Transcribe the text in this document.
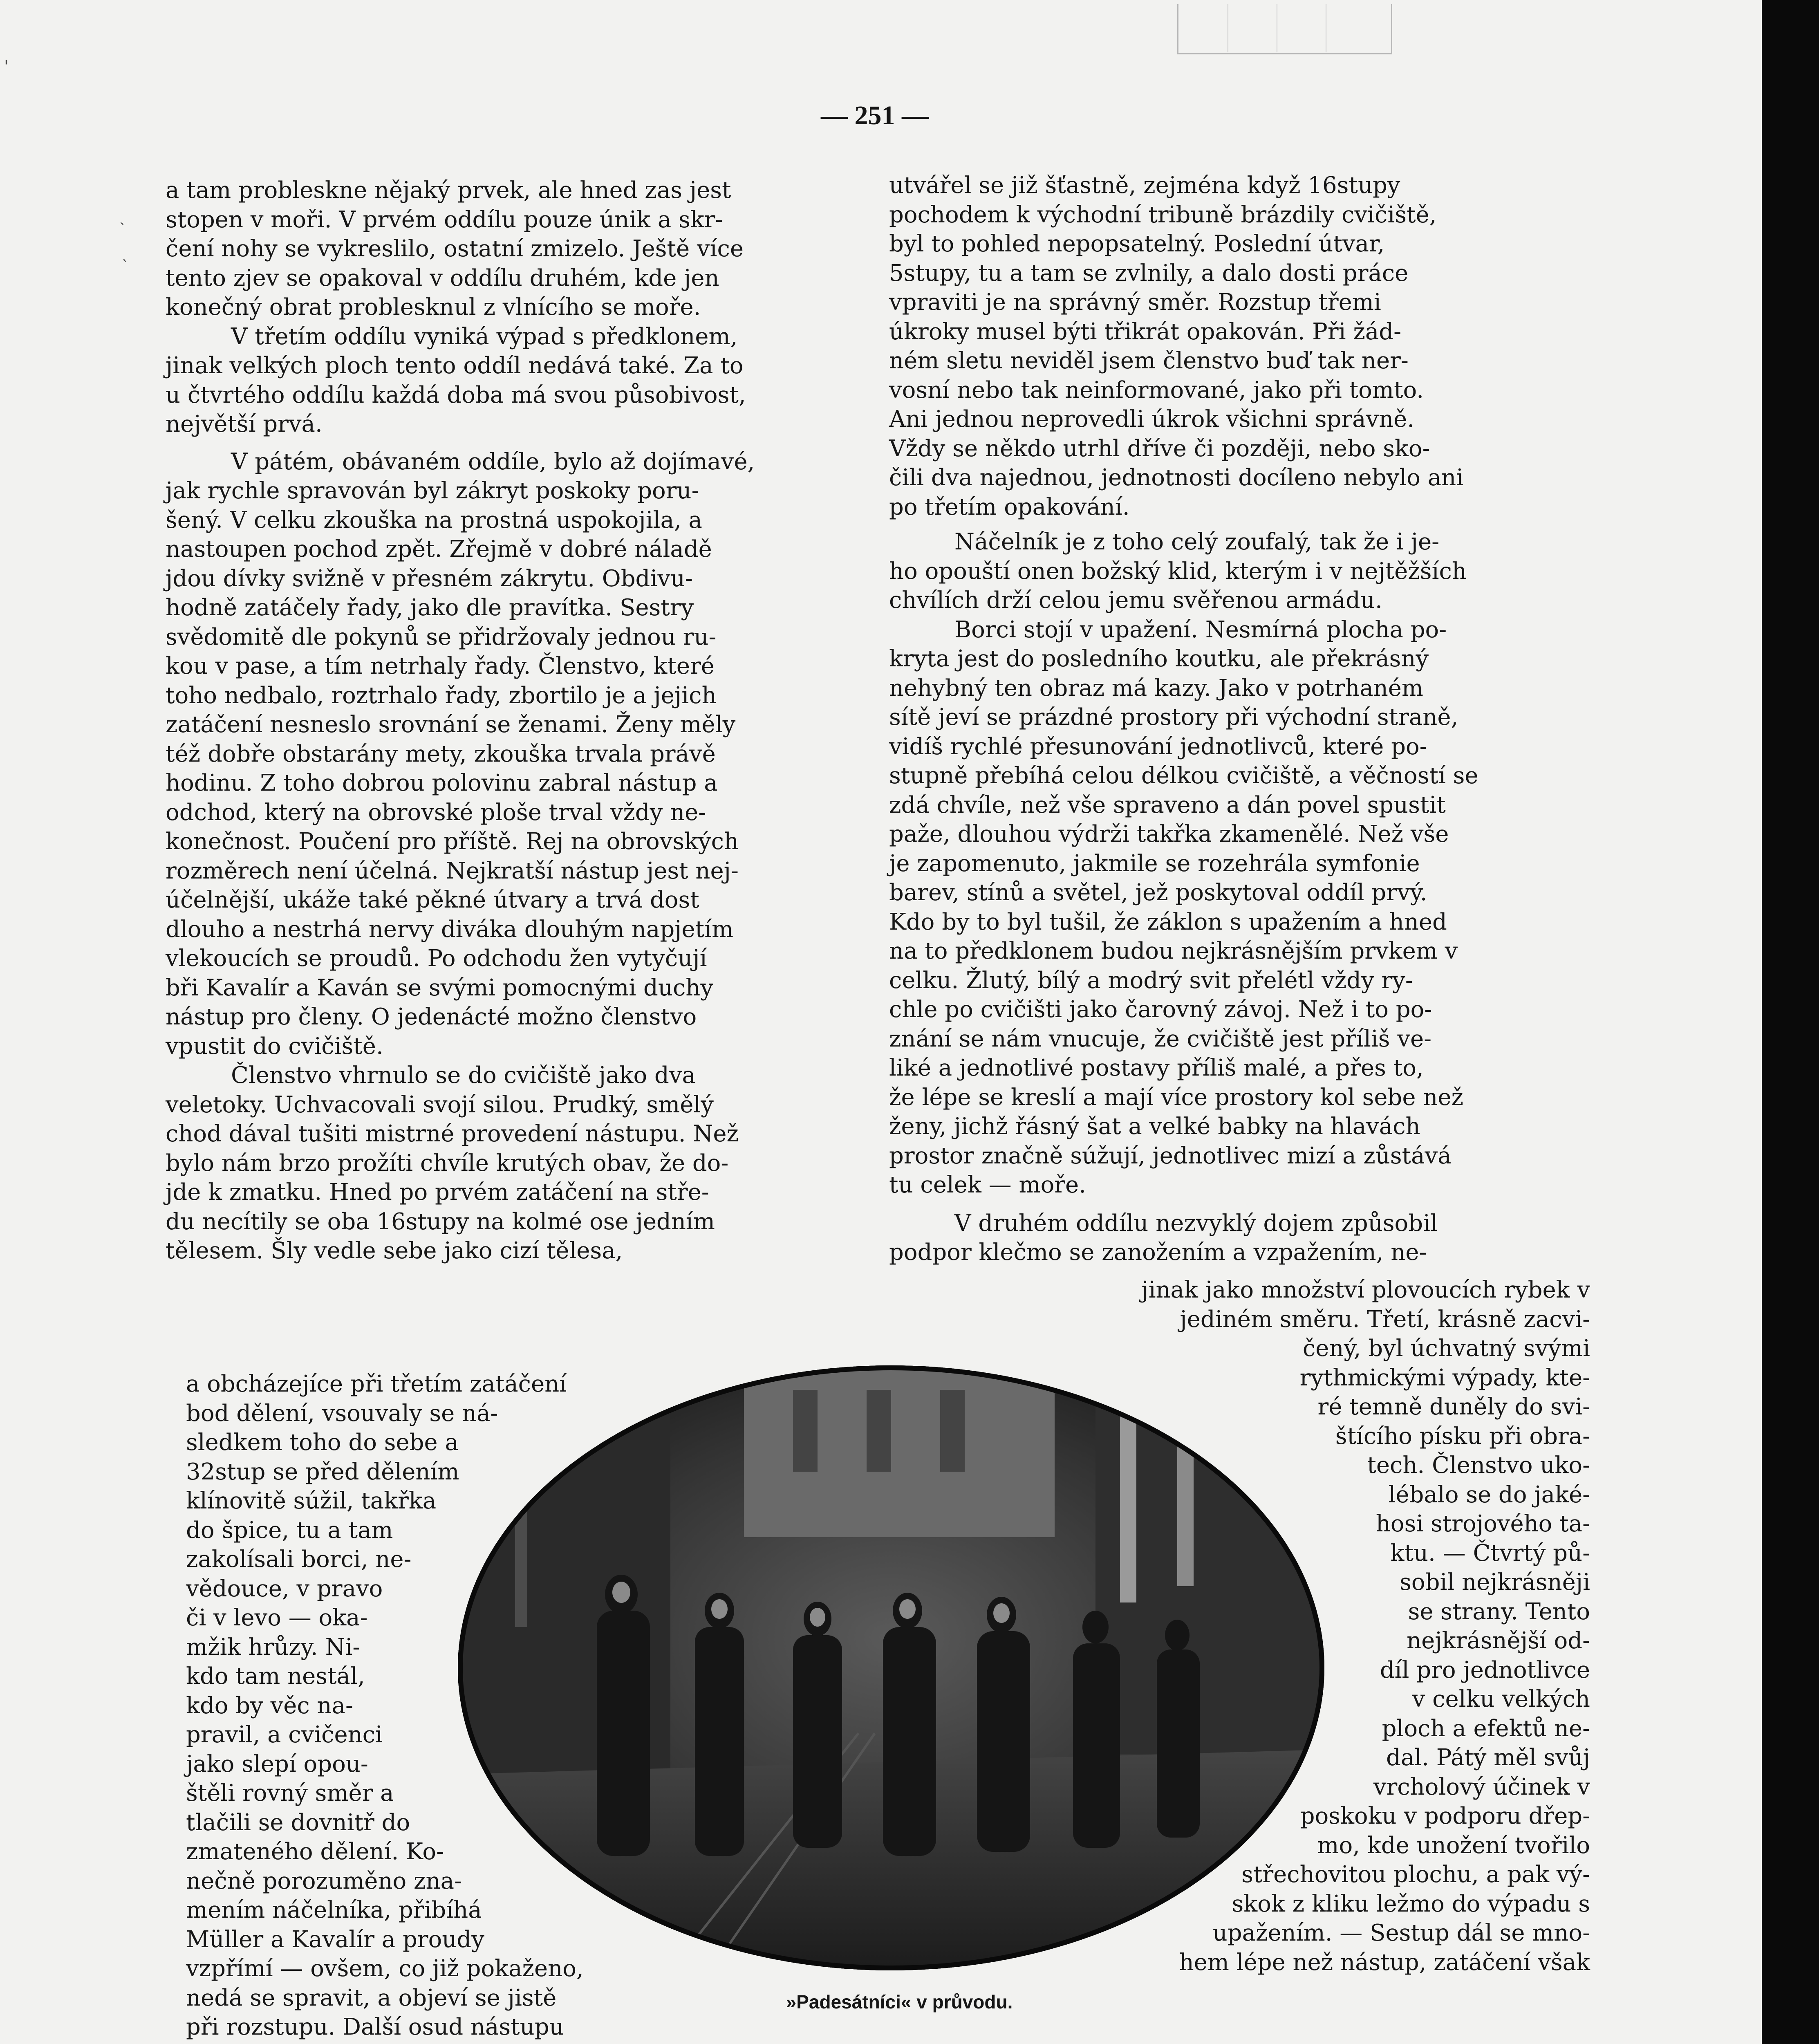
'
˴
˴
— 251 —

a tam probleskne nějaký prvek, ale hned zas jest

stopen v moři. V prvém oddílu pouze únik a skr-

čení nohy se vykreslilo, ostatní zmizelo. Ještě více

tento zjev se opakoval v oddílu druhém, kde jen

konečný obrat problesknul z vlnícího se moře.

V třetím oddílu vyniká výpad s předklonem,

jinak velkých ploch tento oddíl nedává také. Za to

u čtvrtého oddílu každá doba má svou působivost,

největší prvá.

V pátém, obávaném oddíle, bylo až dojímavé,

jak rychle spravován byl zákryt poskoky poru-

šený. V celku zkouška na prostná uspokojila, a

nastoupen pochod zpět. Zřejmě v dobré náladě

jdou dívky svižně v přesném zákrytu. Obdivu-

hodně zatáčely řady, jako dle pravítka. Sestry

svědomitě dle pokynů se přidržovaly jednou ru-

kou v pase, a tím netrhaly řady. Členstvo, které

toho nedbalo, roztrhalo řady, zbortilo je a jejich

zatáčení nesneslo srovnání se ženami. Ženy měly

též dobře obstarány mety, zkouška trvala právě

hodinu. Z toho dobrou polovinu zabral nástup a

odchod, který na obrovské ploše trval vždy ne-

konečnost. Poučení pro příště. Rej na obrovských

rozměrech není účelná. Nejkratší nástup jest nej-

účelnější, ukáže také pěkné útvary a trvá dost

dlouho a nestrhá nervy diváka dlouhým napjetím

vlekoucích se proudů. Po odchodu žen vytyčují

bři Kavalír a Kaván se svými pomocnými duchy

nástup pro členy. O jedenácté možno členstvo

vpustit do cvičiště.

Členstvo vhrnulo se do cvičiště jako dva

veletoky. Uchvacovali svojí silou. Prudký, smělý

chod dával tušiti mistrné provedení nástupu. Než

bylo nám brzo prožíti chvíle krutých obav, že do-

jde k zmatku. Hned po prvém zatáčení na stře-

du necítily se oba 16stupy na kolmé ose jedním

tělesem. Šly vedle sebe jako cizí tělesa,

a obcházejíce při třetím zatáčení

bod dělení, vsouvaly se ná-

sledkem toho do sebe a

32stup se před dělením

klínovitě súžil, takřka

do špice, tu a tam

zakolísali borci, ne-

vědouce, v pravo

či v levo — oka-

mžik hrůzy. Ni-

kdo tam nestál,

kdo by věc na-

pravil, a cvičenci

jako slepí opou-

štěli rovný směr a

tlačili se dovnitř do

zmateného dělení. Ko-

nečně porozuměno zna-

mením náčelníka, přibíhá

Müller a Kavalír a proudy

vzpřímí — ovšem, co již pokaženo,

nedá se spravit, a objeví se jistě

při rozstupu. Další osud nástupu

utvářel se již šťastně, zejména když 16stupy

pochodem k východní tribuně brázdily cvičiště,

byl to pohled nepopsatelný. Poslední útvar,

5stupy, tu a tam se zvlnily, a dalo dosti práce

vpraviti je na správný směr. Rozstup třemi

úkroky musel býti třikrát opakován. Při žád-

ném sletu neviděl jsem členstvo buď tak ner-

vosní nebo tak neinformované, jako při tomto.

Ani jednou neprovedli úkrok všichni správně.

Vždy se někdo utrhl dříve či později, nebo sko-

čili dva najednou, jednotnosti docíleno nebylo ani

po třetím opakování.

Náčelník je z toho celý zoufalý, tak že i je-

ho opouští onen božský klid, kterým i v nejtěžších

chvílích drží celou jemu svěřenou armádu.

Borci stojí v upažení. Nesmírná plocha po-

kryta jest do posledního koutku, ale překrásný

nehybný ten obraz má kazy. Jako v potrhaném

sítě jeví se prázdné prostory při východní straně,

vidíš rychlé přesunování jednotlivců, které po-

stupně přebíhá celou délkou cvičiště, a věčností se

zdá chvíle, než vše spraveno a dán povel spustit

paže, dlouhou výdrži takřka zkamenělé. Než vše

je zapomenuto, jakmile se rozehrála symfonie

barev, stínů a světel, jež poskytoval oddíl prvý.

Kdo by to byl tušil, že záklon s upažením a hned

na to předklonem budou nejkrásnějším prvkem v

celku. Žlutý, bílý a modrý svit přelétl vždy ry-

chle po cvičišti jako čarovný závoj. Než i to po-

znání se nám vnucuje, že cvičiště jest příliš ve-

liké a jednotlivé postavy příliš malé, a přes to,

že lépe se kreslí a mají více prostory kol sebe než

ženy, jichž řásný šat a velké babky na hlavách

prostor značně súžují, jednotlivec mizí a zůstává

tu celek — moře.

V druhém oddílu nezvyklý dojem způsobil

podpor klečmo se zanožením a vzpažením, ne-

jinak jako množství plovoucích rybek v

jediném směru. Třetí, krásně zacvi-

čený, byl úchvatný svými

rythmickými výpady, kte-

ré temně duněly do svi-

štícího písku při obra-

tech. Členstvo uko-

lébalo se do jaké-

hosi strojového ta-

ktu. — Čtvrtý pů-

sobil nejkrásněji

se strany. Tento

nejkrásnější od-

díl pro jednotlivce

v celku velkých

ploch a efektů ne-

dal. Pátý měl svůj

vrcholový účinek v

poskoku v podporu dřep-

mo, kde unožení tvořilo

střechovitou plochu, a pak vý-

skok z kliku ležmo do výpadu s

upažením. — Sestup dál se mno-

hem lépe než nástup, zatáčení však

»Padesátníci« v průvodu.
